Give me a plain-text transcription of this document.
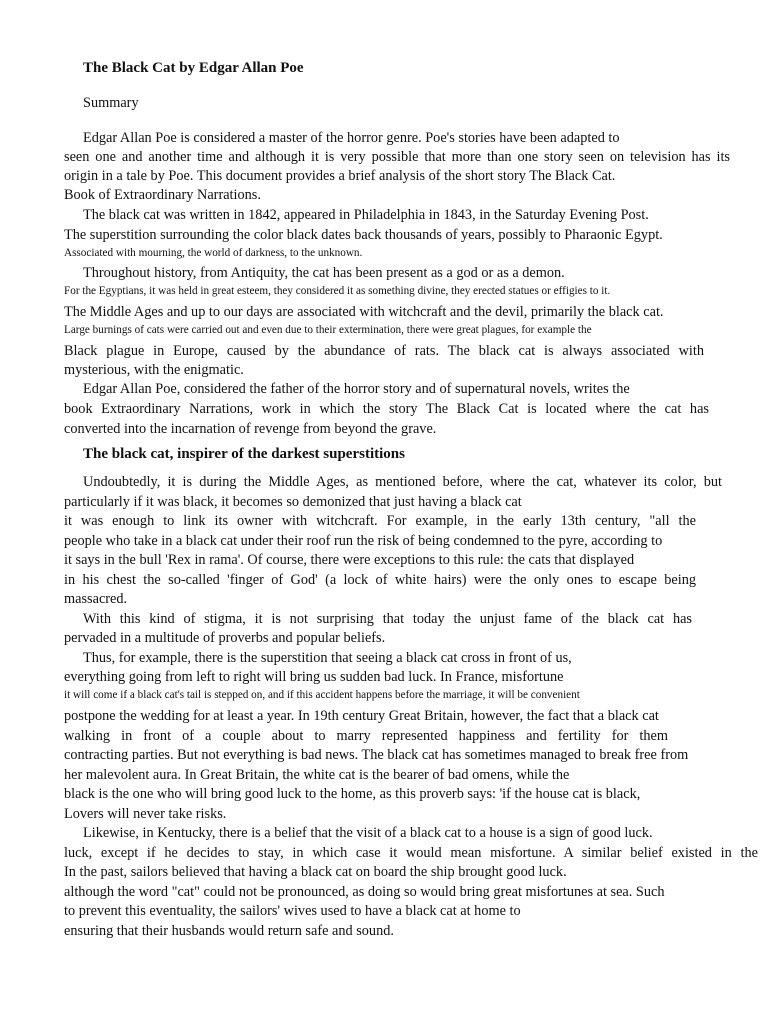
The Black Cat by Edgar Allan Poe
Summary
Edgar Allan Poe is considered a master of the horror genre. Poe's stories have been adapted to
seen one and another time and although it is very possible that more than one story seen on television has its
origin in a tale by Poe. This document provides a brief analysis of the short story The Black Cat.
Book of Extraordinary Narrations.
The black cat was written in 1842, appeared in Philadelphia in 1843, in the Saturday Evening Post.
The superstition surrounding the color black dates back thousands of years, possibly to Pharaonic Egypt.
Associated with mourning, the world of darkness, to the unknown.
Throughout history, from Antiquity, the cat has been present as a god or as a demon.
For the Egyptians, it was held in great esteem, they considered it as something divine, they erected statues or effigies to it.
The Middle Ages and up to our days are associated with witchcraft and the devil, primarily the black cat.
Large burnings of cats were carried out and even due to their extermination, there were great plagues, for example the
Black plague in Europe, caused by the abundance of rats. The black cat is always associated with
mysterious, with the enigmatic.
Edgar Allan Poe, considered the father of the horror story and of supernatural novels, writes the
book Extraordinary Narrations, work in which the story The Black Cat is located where the cat has
converted into the incarnation of revenge from beyond the grave.
The black cat, inspirer of the darkest superstitions
Undoubtedly, it is during the Middle Ages, as mentioned before, where the cat, whatever its color, but
particularly if it was black, it becomes so demonized that just having a black cat
it was enough to link its owner with witchcraft. For example, in the early 13th century, "all the
people who take in a black cat under their roof run the risk of being condemned to the pyre, according to
it says in the bull 'Rex in rama'. Of course, there were exceptions to this rule: the cats that displayed
in his chest the so-called 'finger of God' (a lock of white hairs) were the only ones to escape being
massacred.
With this kind of stigma, it is not surprising that today the unjust fame of the black cat has
pervaded in a multitude of proverbs and popular beliefs.
Thus, for example, there is the superstition that seeing a black cat cross in front of us,
everything going from left to right will bring us sudden bad luck. In France, misfortune
it will come if a black cat's tail is stepped on, and if this accident happens before the marriage, it will be convenient
postpone the wedding for at least a year. In 19th century Great Britain, however, the fact that a black cat
walking in front of a couple about to marry represented happiness and fertility for them
contracting parties. But not everything is bad news. The black cat has sometimes managed to break free from
her malevolent aura. In Great Britain, the white cat is the bearer of bad omens, while the
black is the one who will bring good luck to the home, as this proverb says: 'if the house cat is black,
Lovers will never take risks.
Likewise, in Kentucky, there is a belief that the visit of a black cat to a house is a sign of good luck.
luck, except if he decides to stay, in which case it would mean misfortune. A similar belief existed in the
In the past, sailors believed that having a black cat on board the ship brought good luck.
although the word "cat" could not be pronounced, as doing so would bring great misfortunes at sea. Such
to prevent this eventuality, the sailors' wives used to have a black cat at home to
ensuring that their husbands would return safe and sound.
